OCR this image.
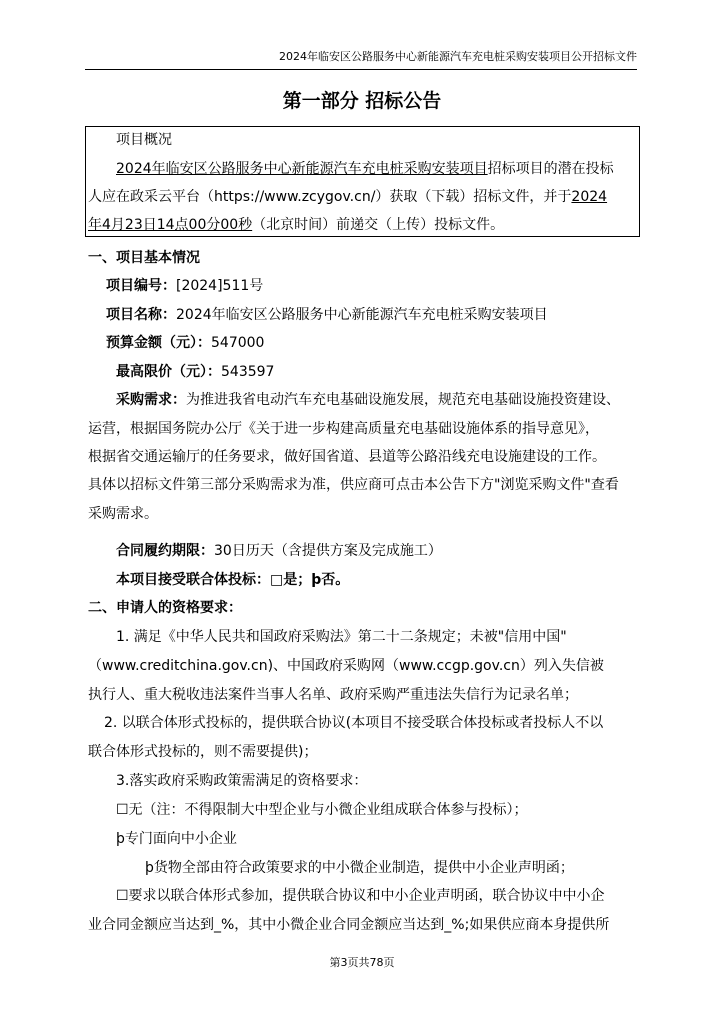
2024年临安区公路服务中心新能源汽车充电桩采购安装项目公开招标文件
第一部分 招标公告
项目概况
2024年临安区公路服务中心新能源汽车充电桩采购安装项目招标项目的潜在投标
人应在政采云平台（https://www.zcygov.cn/）获取（下载）招标文件，并于2024
年4月23日14点00分00秒（北京时间）前递交（上传）投标文件。
一、项目基本情况
项目编号：[2024]511号
项目名称：2024年临安区公路服务中心新能源汽车充电桩采购安装项目
预算金额（元）：547000
最高限价（元）：543597
采购需求：为推进我省电动汽车充电基础设施发展，规范充电基础设施投资建设、
运营，根据国务院办公厅《关于进一步构建高质量充电基础设施体系的指导意见》，
根据省交通运输厅的任务要求，做好国省道、县道等公路沿线充电设施建设的工作。
具体以招标文件第三部分采购需求为准，供应商可点击本公告下方"浏览采购文件"查看
采购需求。
合同履约期限：30日历天（含提供方案及完成施工）
本项目接受联合体投标：□是；þ否。
二、申请人的资格要求：
1. 满足《中华人民共和国政府采购法》第二十二条规定；未被"信用中国"
（www.creditchina.gov.cn)、中国政府采购网（www.ccgp.gov.cn）列入失信被
执行人、重大税收违法案件当事人名单、政府采购严重违法失信行为记录名单；
2. 以联合体形式投标的，提供联合协议(本项目不接受联合体投标或者投标人不以
联合体形式投标的，则不需要提供)；
3.落实政府采购政策需满足的资格要求：
☐无（注：不得限制大中型企业与小微企业组成联合体参与投标）；
þ专门面向中小企业
þ货物全部由符合政策要求的中小微企业制造，提供中小企业声明函；
☐要求以联合体形式参加，提供联合协议和中小企业声明函，联合协议中中小企
业合同金额应当达到_%，其中小微企业合同金额应当达到_%;如果供应商本身提供所
第3页共78页
